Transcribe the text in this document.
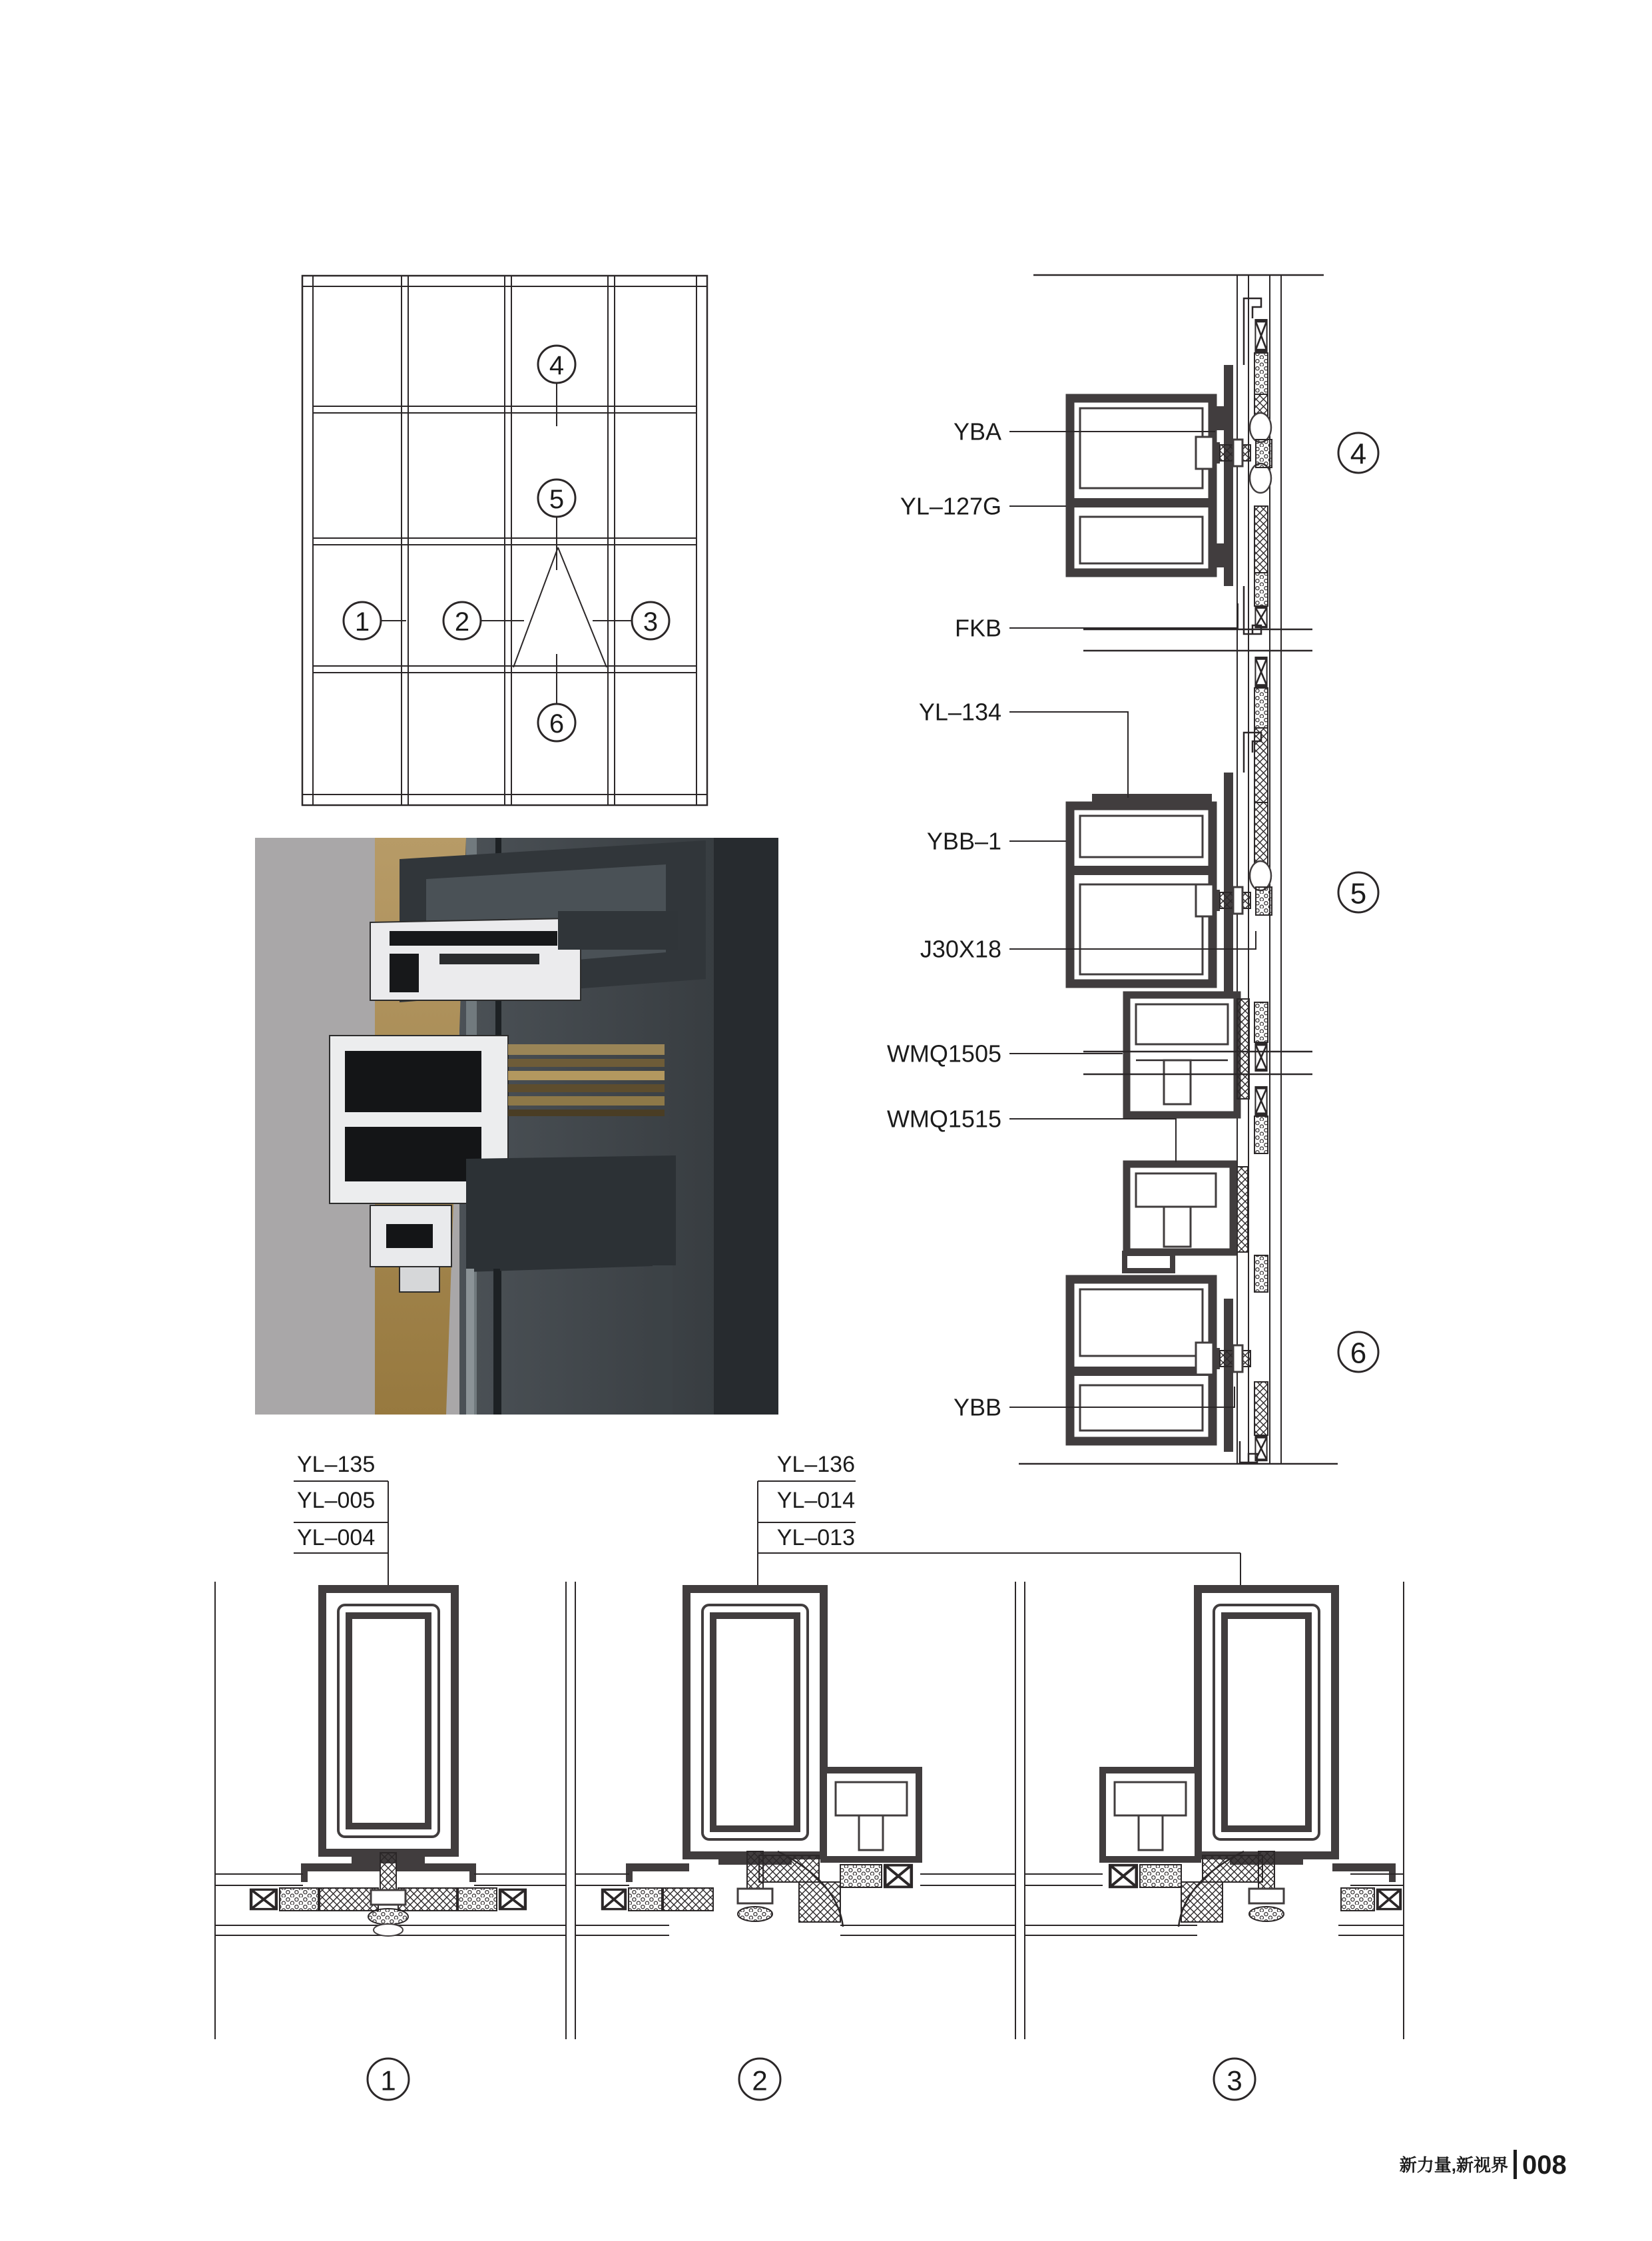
1	2	3
4
5
6
YBA
YL–127G
FKB
4
YL–134
YBB–1
J30X18
WMQ1505
5
WMQ1515
YBB
6
YL–135
YL–005
YL–004
1
YL–136
YL–014
YL–013
2	3
新力量,新视界 008
